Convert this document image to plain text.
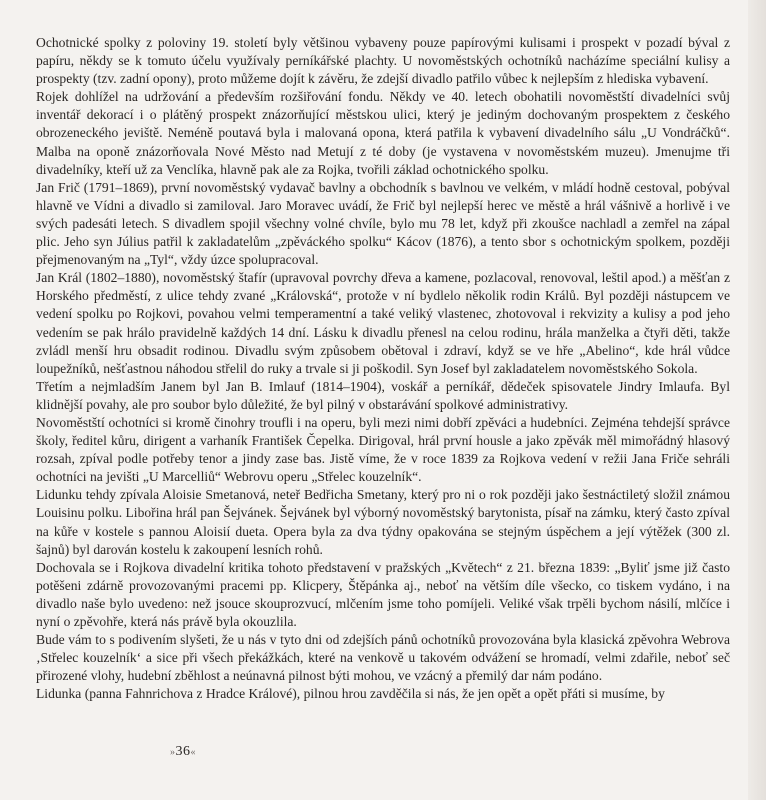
Ochotnické spolky z poloviny 19. století byly většinou vybaveny pouze papírovými kulisami i prospekt v pozadí býval z papíru, někdy se k tomuto účelu využívaly perníkářské plachty. U novoměstských ochotníků nacházíme speciální kulisy a prospekty (tzv. zadní opony), proto můžeme dojít k závěru, že zdejší divadlo patřilo vůbec k nejlepším z hlediska vybavení.

Rojek dohlížel na udržování a především rozšiřování fondu. Někdy ve 40. letech obohatili novoměstští divadelníci svůj inventář dekorací i o plátěný prospekt znázorňující městskou ulici, který je jediným dochovaným prospektem z českého obrozeneckého jeviště. Neméně poutavá byla i malovaná opona, která patřila k vybavení divadelního sálu „U Vondráčků“. Malba na oponě znázorňovala Nové Město nad Metují z té doby (je vystavena v novoměstském muzeu). Jmenujme tři divadelníky, kteří už za Venclíka, hlavně pak ale za Rojka, tvořili základ ochotnického spolku.

Jan Frič (1791–1869), první novoměstský vydavač bavlny a obchodník s bavlnou ve velkém, v mládí hodně cestoval, pobýval hlavně ve Vídni a divadlo si zamiloval. Jaro Moravec uvádí, že Frič byl nejlepší herec ve městě a hrál vášnivě a horlivě i ve svých padesáti letech. S divadlem spojil všechny volné chvíle, bylo mu 78 let, když při zkoušce nachladl a zemřel na zápal plic. Jeho syn Július patřil k zakladatelům „zpěváckého spolku“ Kácov (1876), a tento sbor s ochotnickým spolkem, později přejmenovaným na „Tyl“, vždy úzce spolupracoval.

Jan Král (1802–1880), novoměstský štafír (upravoval povrchy dřeva a kamene, pozlacoval, renovoval, leštil apod.) a měšťan z Horského předměstí, z ulice tehdy zvané „Královská“, protože v ní bydlelo několik rodin Králů. Byl později nástupcem ve vedení spolku po Rojkovi, povahou velmi temperamentní a také veliký vlastenec, zhotovoval i rekvizity a kulisy a pod jeho vedením se pak hrálo pravidelně každých 14 dní. Lásku k divadlu přenesl na celou rodinu, hrála manželka a čtyři děti, takže zvládl menší hru obsadit rodinou. Divadlu svým způsobem obětoval i zdraví, když se ve hře „Abelino“, kde hrál vůdce loupežníků, nešťastnou náhodou střelil do ruky a trvale si ji poškodil. Syn Josef byl zakladatelem novoměstského Sokola.

Třetím a nejmladším Janem byl Jan B. Imlauf (1814–1904), voskář a perníkář, dědeček spisovatele Jindry Imlaufa. Byl klidnější povahy, ale pro soubor bylo důležité, že byl pilný v obstarávání spolkové administrativy.

Novoměstští ochotníci si kromě činohry troufli i na operu, byli mezi nimi dobří zpěváci a hudebníci. Zejména tehdejší správce školy, ředitel kůru, dirigent a varhaník František Čepelka. Dirigoval, hrál první housle a jako zpěvák měl mimořádný hlasový rozsah, zpíval podle potřeby tenor a jindy zase bas. Jistě víme, že v roce 1839 za Rojkova vedení v režii Jana Friče sehráli ochotníci na jevišti „U Marcelliů“ Webrovu operu „Střelec kouzelník“.

Lidunku tehdy zpívala Aloisie Smetanová, neteř Bedřicha Smetany, který pro ni o rok později jako šestnáctiletý složil známou Louisinu polku. Libořina hrál pan Šejvánek. Šejvánek byl výborný novoměstský barytonista, písař na zámku, který často zpíval na kůře v kostele s pannou Aloisií dueta. Opera byla za dva týdny opakována se stejným úspěchem a její výtěžek (300 zl. šajnů) byl darován kostelu k zakoupení lesních rohů.

Dochovala se i Rojkova divadelní kritika tohoto představení v pražských „Květech“ z 21. března 1839: „Byliť jsme již často potěšeni zdárně provozovanými pracemi pp. Klicpery, Štěpánka aj., neboť na větším díle všecko, co tiskem vydáno, i na divadlo naše bylo uvedeno: než jsouce skouprozvucí, mlčením jsme toho pomíjeli. Veliké však trpěli bychom násilí, mlčíce i nyní o zpěvohře, která nás právě byla okouzlila.

Bude vám to s podivením slyšeti, že u nás v tyto dni od zdejších pánů ochotníků provozována byla klasická zpěvohra Webrova ‚Střelec kouzelník‘ a sice při všech překážkách, které na venkově u takovém odvážení se hromadí, velmi zdařile, neboť seč přirozené vlohy, hudební zběhlost a neúnavná pilnost býti mohou, ve vzácný a přemilý dar nám podáno.

Lidunka (panna Fahnrichova z Hradce Králové), pilnou hrou zavděčila si nás, že jen opět a opět přáti si musíme, by

»36«
